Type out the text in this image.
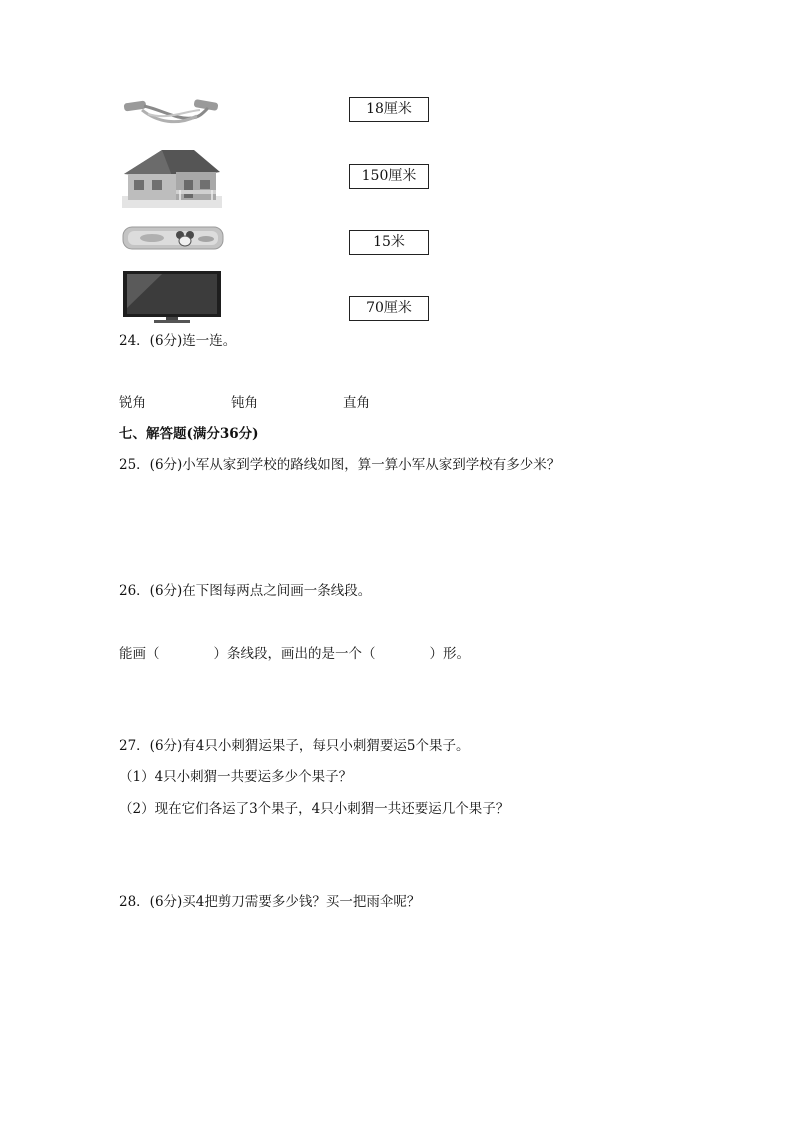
18厘米
150厘米
15米
70厘米
24．(6分)连一连。
锐角	钝角	直角
七、解答题(满分36分)
25．(6分)小军从家到学校的路线如图，算一算小军从家到学校有多少米？
26．(6分)在下图每两点之间画一条线段。
能画（	）条线段，画出的是一个（	）形。
27．(6分)有4只小刺猬运果子，每只小刺猬要运5个果子。
（1）4只小刺猬一共要运多少个果子？
（2）现在它们各运了3个果子，4只小刺猬一共还要运几个果子？
28．(6分)买4把剪刀需要多少钱？买一把雨伞呢？
